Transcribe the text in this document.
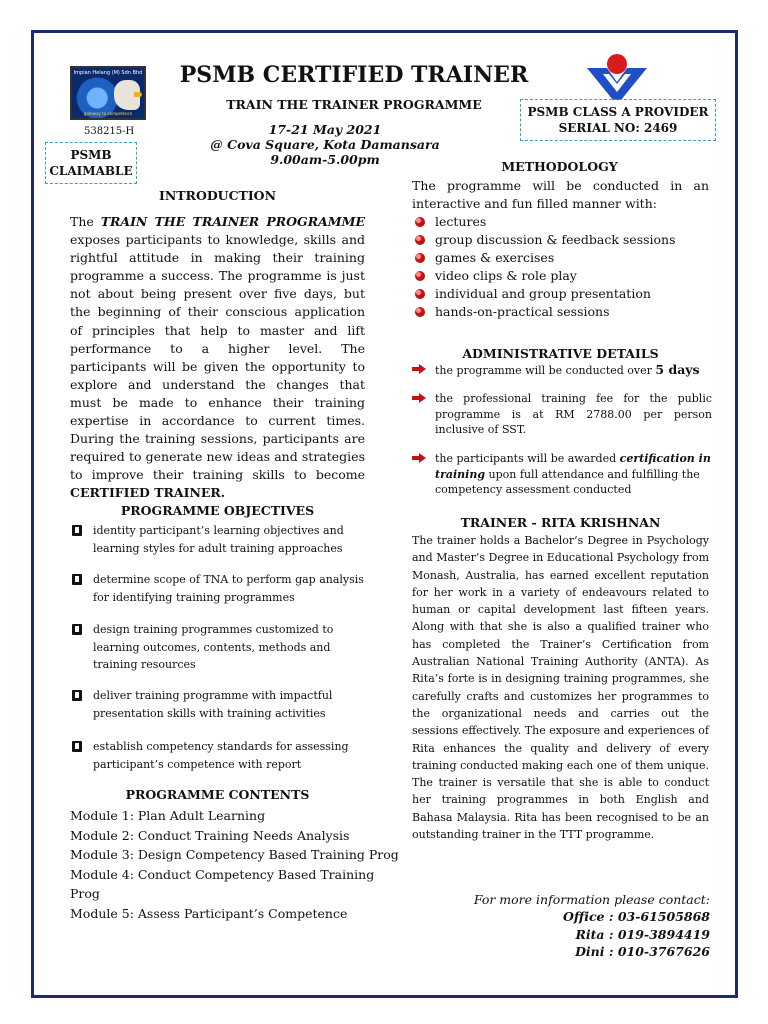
Impian Helang (M) Sdn Bhd
gateway to competence
538215-H
PSMB
CLAIMABLE
PSMB CERTIFIED TRAINER
TRAIN THE TRAINER PROGRAMME
17-21 May 2021
@ Cova Square, Kota Damansara
9.00am-5.00pm
PSMB CLASS A PROVIDER
SERIAL NO: 2469
INTRODUCTION
The TRAIN THE TRAINER PROGRAMME exposes participants to knowledge, skills and rightful attitude in making their training programme a success. The programme is just not about being present over five days, but the beginning of their conscious application of principles that help to master and lift performance to a higher level. The participants will be given the opportunity to explore and understand the changes that must be made to enhance their training expertise in accordance to current times. During the training sessions, participants are required to generate new ideas and strategies to improve their training skills to become CERTIFIED TRAINER.
PROGRAMME OBJECTIVES
identity participant’s learning objectives and learning styles for adult training approaches
determine scope of TNA to perform gap analysis for identifying training programmes
design training programmes customized to learning outcomes, contents, methods and training resources
deliver training programme with impactful presentation skills with training activities
establish competency standards for assessing participant’s competence with report
PROGRAMME CONTENTS
Module 1: Plan Adult Learning
Module 2: Conduct Training Needs Analysis
Module 3: Design Competency Based Training Prog
Module 4: Conduct Competency Based Training Prog
Module 5: Assess Participant’s Competence
METHODOLOGY
The programme will be conducted in an interactive and fun filled manner with:
lectures
group discussion & feedback sessions
games & exercises
video clips & role play
individual and group presentation
hands-on-practical sessions
ADMINISTRATIVE DETAILS
the programme will be conducted over 5 days
the professional training fee for the public programme is at RM 2788.00 per person inclusive of SST.
the participants will be awarded certification in training upon full attendance and fulfilling the competency assessment conducted
TRAINER - RITA KRISHNAN
The trainer holds a Bachelor’s Degree in Psychology and Master’s Degree in Educational Psychology from Monash, Australia, has earned excellent reputation for her work in a variety of endeavours related to human or capital development last fifteen years. Along with that she is also a qualified trainer who has completed the Trainer’s Certification from Australian National Training Authority (ANTA). As Rita’s forte is in designing training programmes, she carefully crafts and customizes her programmes to the organizational needs and carries out the sessions effectively. The exposure and experiences of Rita enhances the quality and delivery of every training conducted making each one of them unique. The trainer is versatile that she is able to conduct her training programmes in both English and Bahasa Malaysia. Rita has been recognised to be an outstanding trainer in the TTT programme.
For more information please contact:
Office : 03-61505868
Rita : 019-3894419
Dini : 010-3767626
